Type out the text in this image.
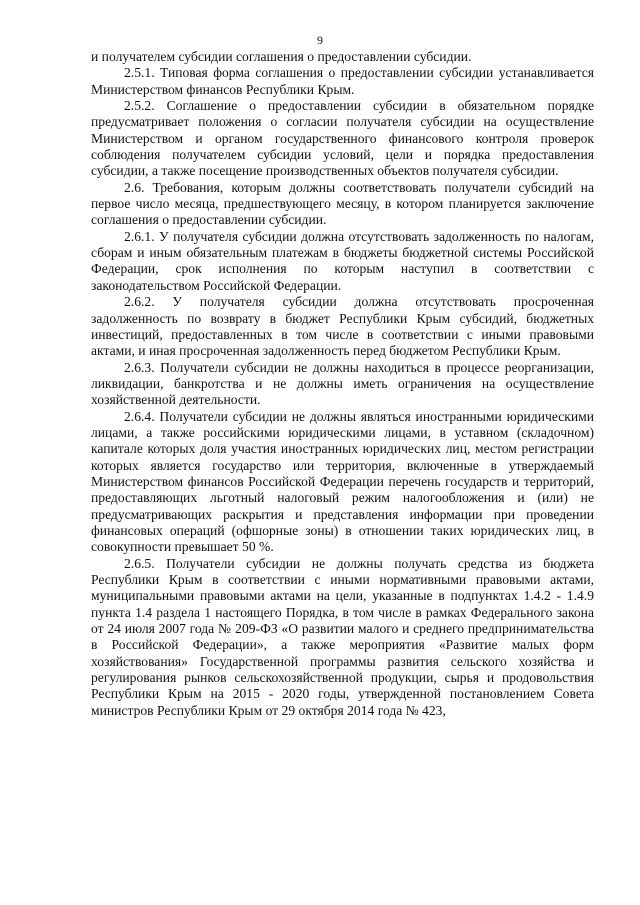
9

и получателем субсидии соглашения о предоставлении субсидии.

2.5.1. Типовая форма соглашения о предоставлении субсидии устанавливается Министерством финансов Республики Крым.

2.5.2. Соглашение о предоставлении субсидии в обязательном порядке предусматривает положения о согласии получателя субсидии на осуществление Министерством и органом государственного финансового контроля проверок соблюдения получателем субсидии условий, цели и порядка предоставления субсидии, а также посещение производственных объектов получателя субсидии.

2.6. Требования, которым должны соответствовать получатели субсидий на первое число месяца, предшествующего месяцу, в котором планируется заключение соглашения о предоставлении субсидии.

2.6.1. У получателя субсидии должна отсутствовать задолженность по налогам, сборам и иным обязательным платежам в бюджеты бюджетной системы Российской Федерации, срок исполнения по которым наступил в соответствии с законодательством Российской Федерации.

2.6.2. У получателя субсидии должна отсутствовать просроченная задолженность по возврату в бюджет Республики Крым субсидий, бюджетных инвестиций, предоставленных в том числе в соответствии с иными правовыми актами, и иная просроченная задолженность перед бюджетом Республики Крым.

2.6.3. Получатели субсидии не должны находиться в процессе реорганизации, ликвидации, банкротства и не должны иметь ограничения на осуществление хозяйственной деятельности.

2.6.4. Получатели субсидии не должны являться иностранными юридическими лицами, а также российскими юридическими лицами, в уставном (складочном) капитале которых доля участия иностранных юридических лиц, местом регистрации которых является государство или территория, включенные в утверждаемый Министерством финансов Российской Федерации перечень государств и территорий, предоставляющих льготный налоговый режим налогообложения и (или) не предусматривающих раскрытия и представления информации при проведении финансовых операций (офшорные зоны) в отношении таких юридических лиц, в совокупности превышает 50 %.

2.6.5. Получатели субсидии не должны получать средства из бюджета Республики Крым в соответствии с иными нормативными правовыми актами, муниципальными правовыми актами на цели, указанные в подпунктах 1.4.2 - 1.4.9 пункта 1.4 раздела 1 настоящего Порядка, в том числе в рамках Федерального закона от 24 июля 2007 года № 209-ФЗ «О развитии малого и среднего предпринимательства в Российской Федерации», а также мероприятия «Развитие малых форм хозяйствования» Государственной программы развития сельского хозяйства и регулирования рынков сельскохозяйственной продукции, сырья и продовольствия Республики Крым на 2015 - 2020 годы, утвержденной постановлением Совета министров Республики Крым от 29 октября 2014 года № 423,
